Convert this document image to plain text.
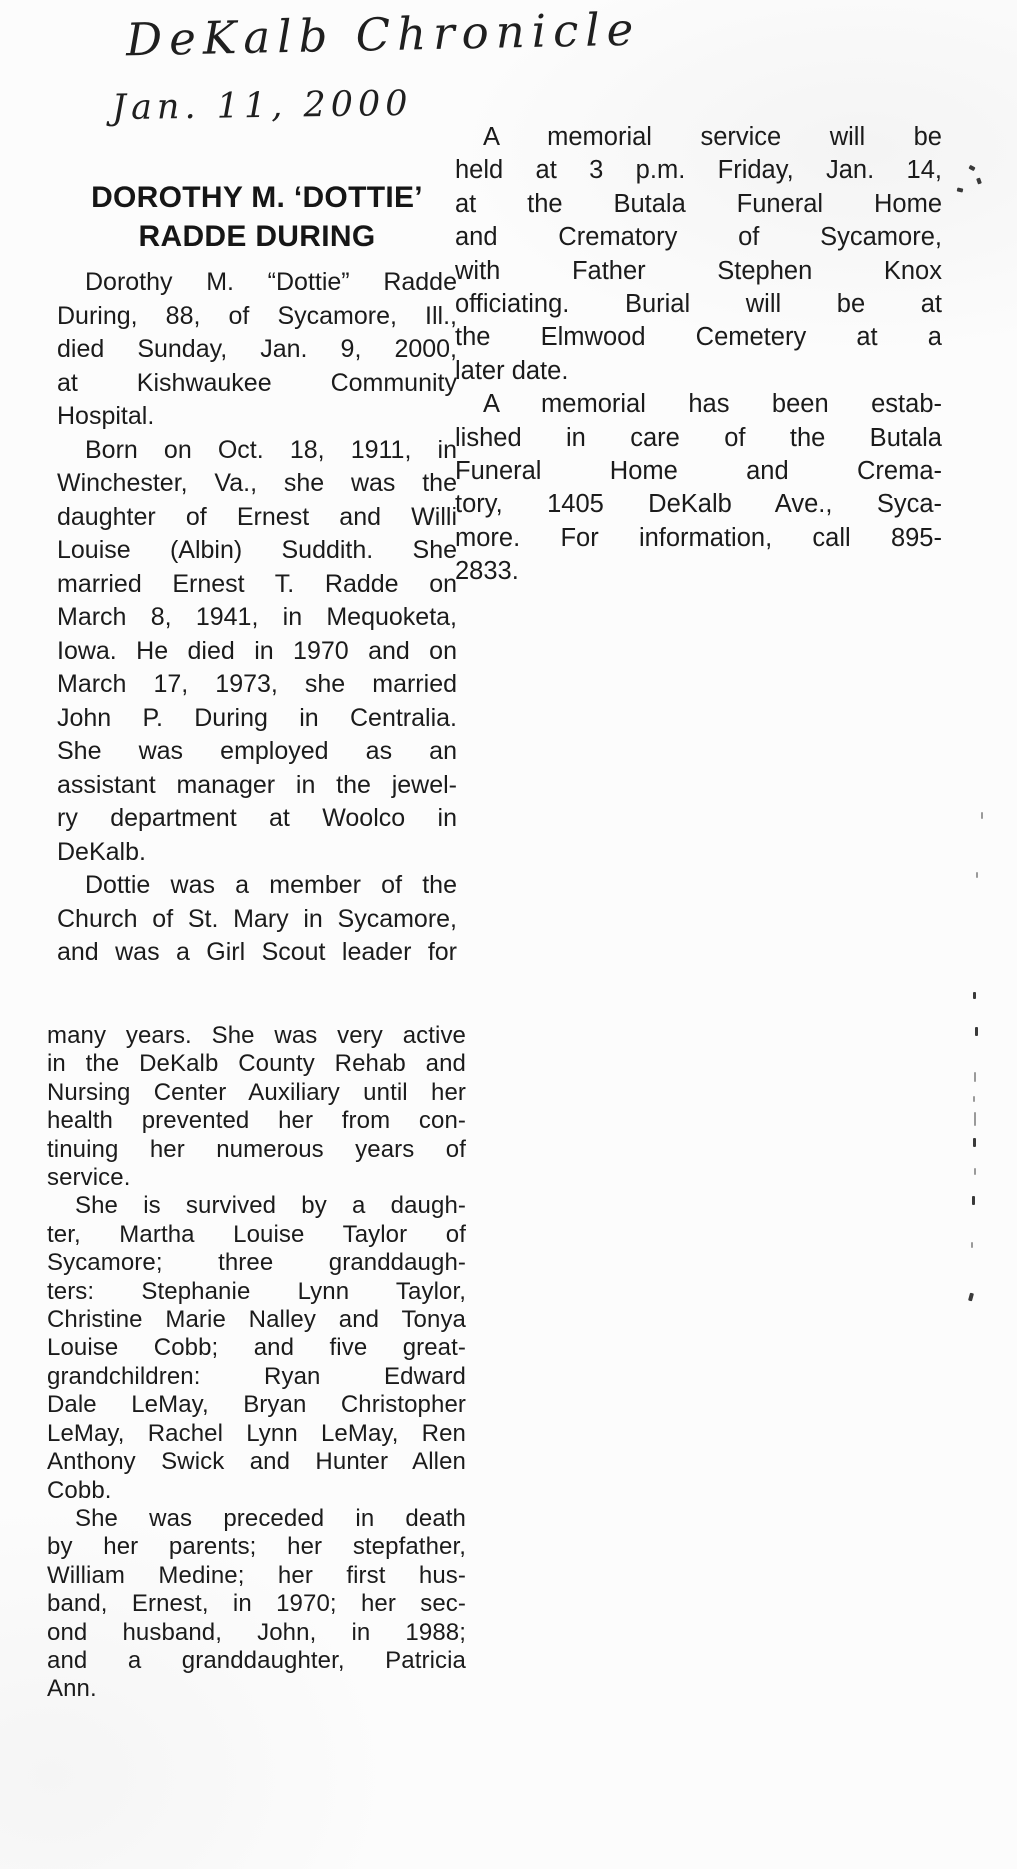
DeKalb Chronicle
Jan. 11, 2000
DOROTHY M. ‘DOTTIE’
RADDE DURING
Dorothy M. “Dottie” Radde
During, 88, of Sycamore, Ill.,
died Sunday, Jan. 9, 2000,
at Kishwaukee Community
Hospital.
Born on Oct. 18, 1911, in
Winchester, Va., she was the
daughter of Ernest and Willi
Louise (Albin) Suddith. She
married Ernest T. Radde on
March 8, 1941, in Mequoketa,
Iowa. He died in 1970 and on
March 17, 1973, she married
John P. During in Centralia.
She was employed as an
assistant manager in the jewel-
ry department at Woolco in
DeKalb.
Dottie was a member of the
Church of St. Mary in Sycamore,
and was a Girl Scout leader for
many years. She was very active
in the DeKalb County Rehab and
Nursing Center Auxiliary until her
health prevented her from con-
tinuing her numerous years of
service.
She is survived by a daugh-
ter, Martha Louise Taylor of
Sycamore; three granddaugh-
ters: Stephanie Lynn Taylor,
Christine Marie Nalley and Tonya
Louise Cobb; and five great-
grandchildren: Ryan Edward
Dale LeMay, Bryan Christopher
LeMay, Rachel Lynn LeMay, Ren
Anthony Swick and Hunter Allen
Cobb.
She was preceded in death
by her parents; her stepfather,
William Medine; her first hus-
band, Ernest, in 1970; her sec-
ond husband, John, in 1988;
and a granddaughter, Patricia
Ann.
A memorial service will be
held at 3 p.m. Friday, Jan. 14,
at the Butala Funeral Home
and Crematory of Sycamore,
with Father Stephen Knox
officiating. Burial will be at
the Elmwood Cemetery at a
later date.
A memorial has been estab-
lished in care of the Butala
Funeral Home and Crema-
tory, 1405 DeKalb Ave., Syca-
more. For information, call 895-
2833.
